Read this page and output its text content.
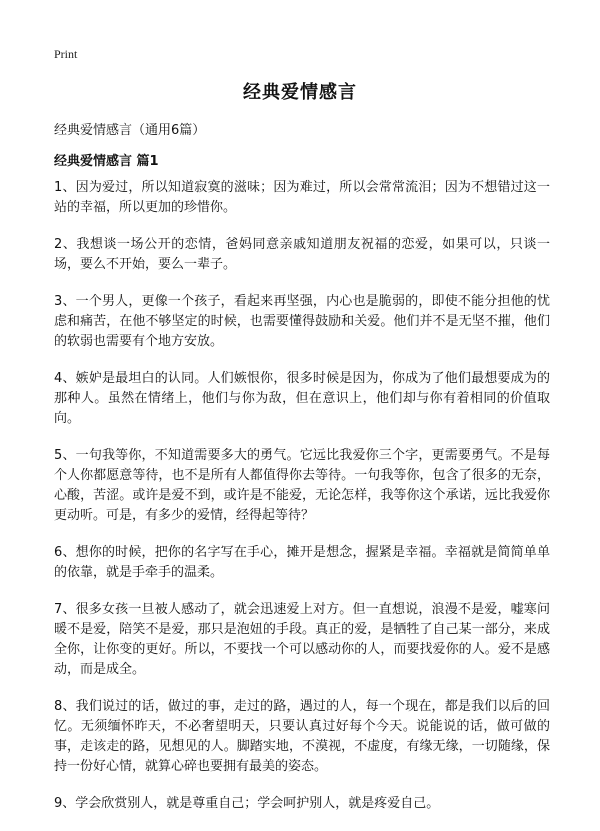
Print
经典爱情感言

经典爱情感言（通用6篇）

经典爱情感言 篇1
1、因为爱过，所以知道寂寞的滋味；因为难过，所以会常常流泪；因为不想错过这一站的幸福，所以更加的珍惜你。
2、我想谈一场公开的恋情，爸妈同意亲戚知道朋友祝福的恋爱，如果可以，只谈一场，要么不开始，要么一辈子。
3、一个男人，更像一个孩子，看起来再坚强，内心也是脆弱的，即使不能分担他的忧虑和痛苦，在他不够坚定的时候，也需要懂得鼓励和关爱。他们并不是无坚不摧，他们的软弱也需要有个地方安放。
4、嫉妒是最坦白的认同。人们嫉恨你，很多时候是因为，你成为了他们最想要成为的那种人。虽然在情绪上，他们与你为敌，但在意识上，他们却与你有着相同的价值取向。
5、一句我等你，不知道需要多大的勇气。它远比我爱你三个字，更需要勇气。不是每个人你都愿意等待，也不是所有人都值得你去等待。一句我等你，包含了很多的无奈，心酸，苦涩。或许是爱不到，或许是不能爱，无论怎样，我等你这个承诺，远比我爱你更动听。可是，有多少的爱情，经得起等待？
6、想你的时候，把你的名字写在手心，摊开是想念，握紧是幸福。幸福就是简简单单的依靠，就是手牵手的温柔。
7、很多女孩一旦被人感动了，就会迅速爱上对方。但一直想说，浪漫不是爱，嘘寒问暖不是爱，陪笑不是爱，那只是泡妞的手段。真正的爱，是牺牲了自己某一部分，来成全你，让你变的更好。所以，不要找一个可以感动你的人，而要找爱你的人。爱不是感动，而是成全。
8、我们说过的话，做过的事，走过的路，遇过的人，每一个现在，都是我们以后的回忆。无须缅怀昨天，不必奢望明天，只要认真过好每个今天。说能说的话，做可做的事，走该走的路，见想见的人。脚踏实地，不漠视，不虚度，有缘无缘，一切随缘，保持一份好心情，就算心碎也要拥有最美的姿态。
9、学会欣赏别人，就是尊重自己；学会呵护别人，就是疼爱自己。
